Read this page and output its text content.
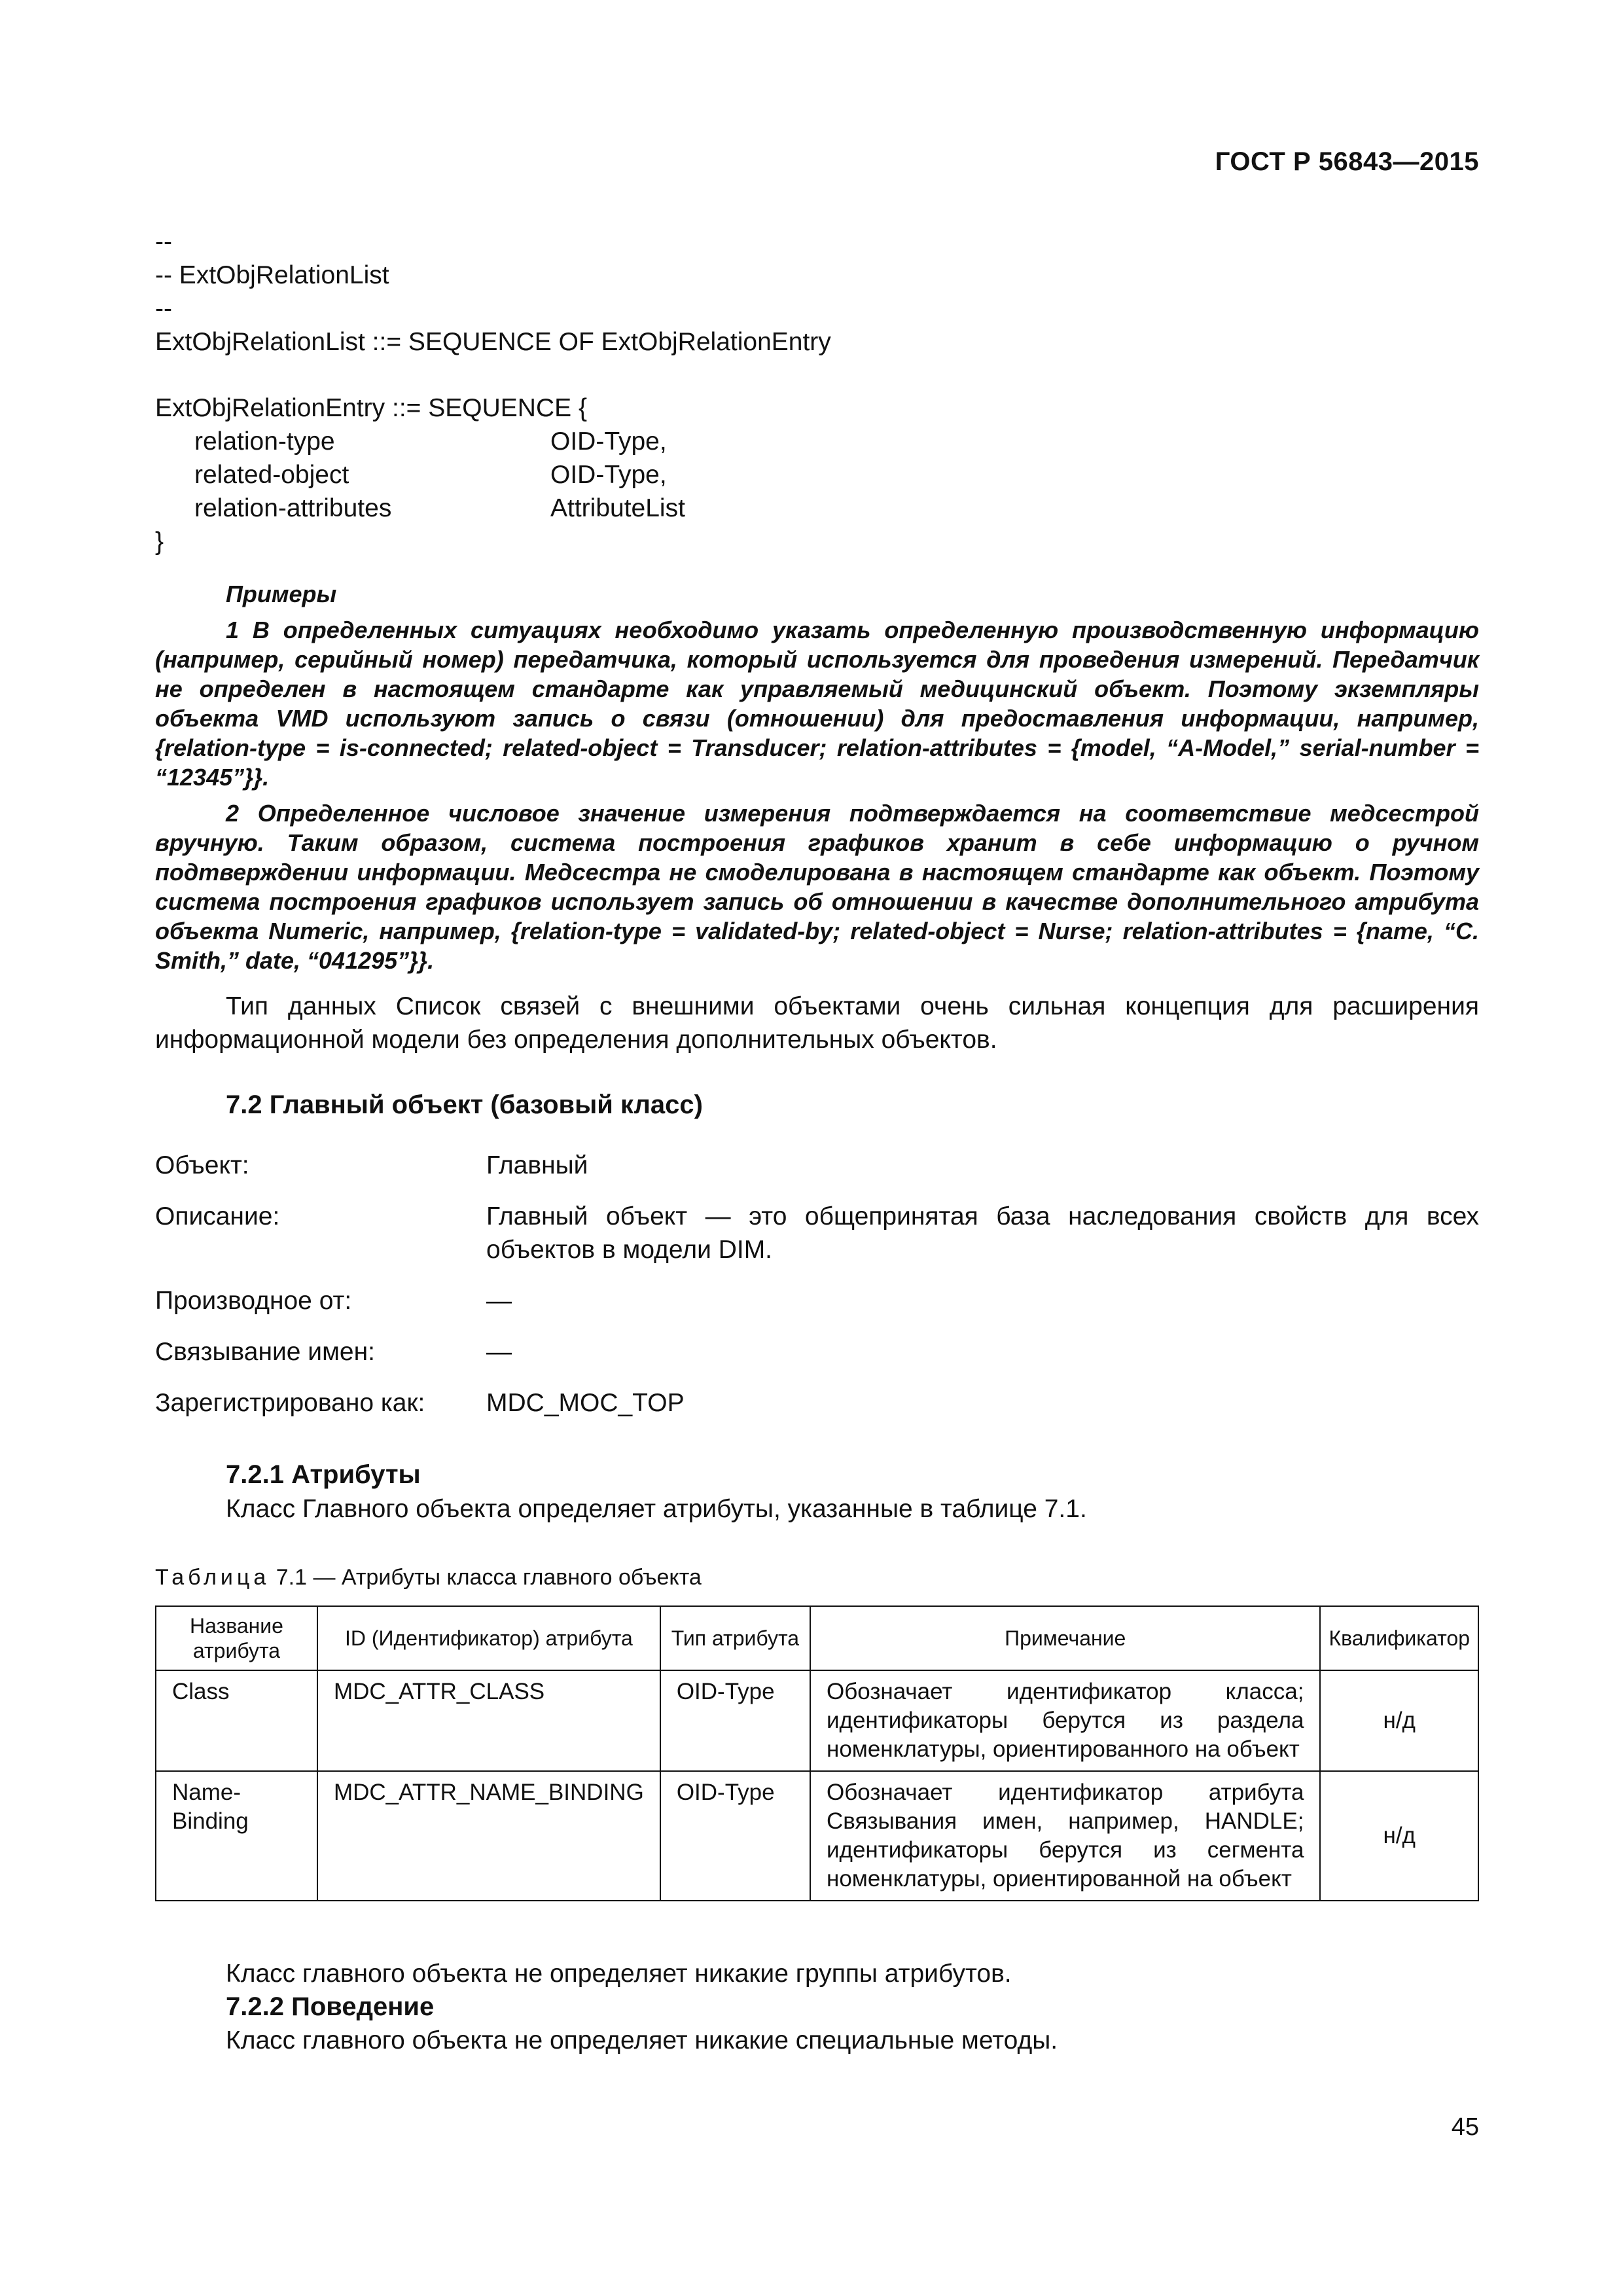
ГОСТ Р 56843—2015
--
-- ExtObjRelationList
--
ExtObjRelationList ::= SEQUENCE OF ExtObjRelationEntry
ExtObjRelationEntry ::= SEQUENCE {
relation-type	OID-Type,
related-object	OID-Type,
relation-attributes	AttributeList
}
Примеры

1 В определенных ситуациях необходимо указать определенную производственную информацию (например, серийный номер) передатчика, который используется для проведения измерений. Передатчик не определен в настоящем стандарте как управляемый медицинский объект. Поэтому экземпляры объекта VMD используют запись о связи (отношении) для предоставления информации, например, {relation-type = is-connected; related-object = Transducer; relation-attributes = {model, “A-Model,” serial-number = “12345”}}.

2 Определенное числовое значение измерения подтверждается на соответствие медсестрой вручную. Таким образом, система построения графиков хранит в себе информацию о ручном подтверждении информации. Медсестра не смоделирована в настоящем стандарте как объект. Поэтому система построения графиков использует запись об отношении в качестве дополнительного атрибута объекта Numeric, например, {relation-type = validated-by; related-object = Nurse; relation-attributes = {name, “C. Smith,” date, “041295”}}.

Тип данных Список связей с внешними объектами очень сильная концепция для расширения информационной модели без определения дополнительных объектов.
7.2 Главный объект (базовый класс)
Объект:	Главный
Описание:	Главный объект — это общепринятая база наследования свойств для всех объектов в модели DIM.
Производное от:	—
Связывание имен:	—
Зарегистрировано как: MDC_MOC_TOP
7.2.1 Атрибуты
Класс Главного объекта определяет атрибуты, указанные в таблице 7.1.
Таблица 7.1 — Атрибуты класса главного объекта
Название атрибута	ID (Идентификатор) атрибута	Тип атрибута	Примечание	Квалификатор
Class	MDC_ATTR_CLASS	OID-Type	Обозначает идентификатор класса; идентификаторы берутся из раздела номенклатуры, ориентированного на объект	н/д
Name-Binding	MDC_ATTR_NAME_BINDING	OID-Type	Обозначает идентификатор атрибута Связывания имен, например, HANDLE; идентификаторы берутся из сегмента номенклатуры, ориентированной на объект	н/д
Класс главного объекта не определяет никакие группы атрибутов.
7.2.2 Поведение
Класс главного объекта не определяет никакие специальные методы.
45
